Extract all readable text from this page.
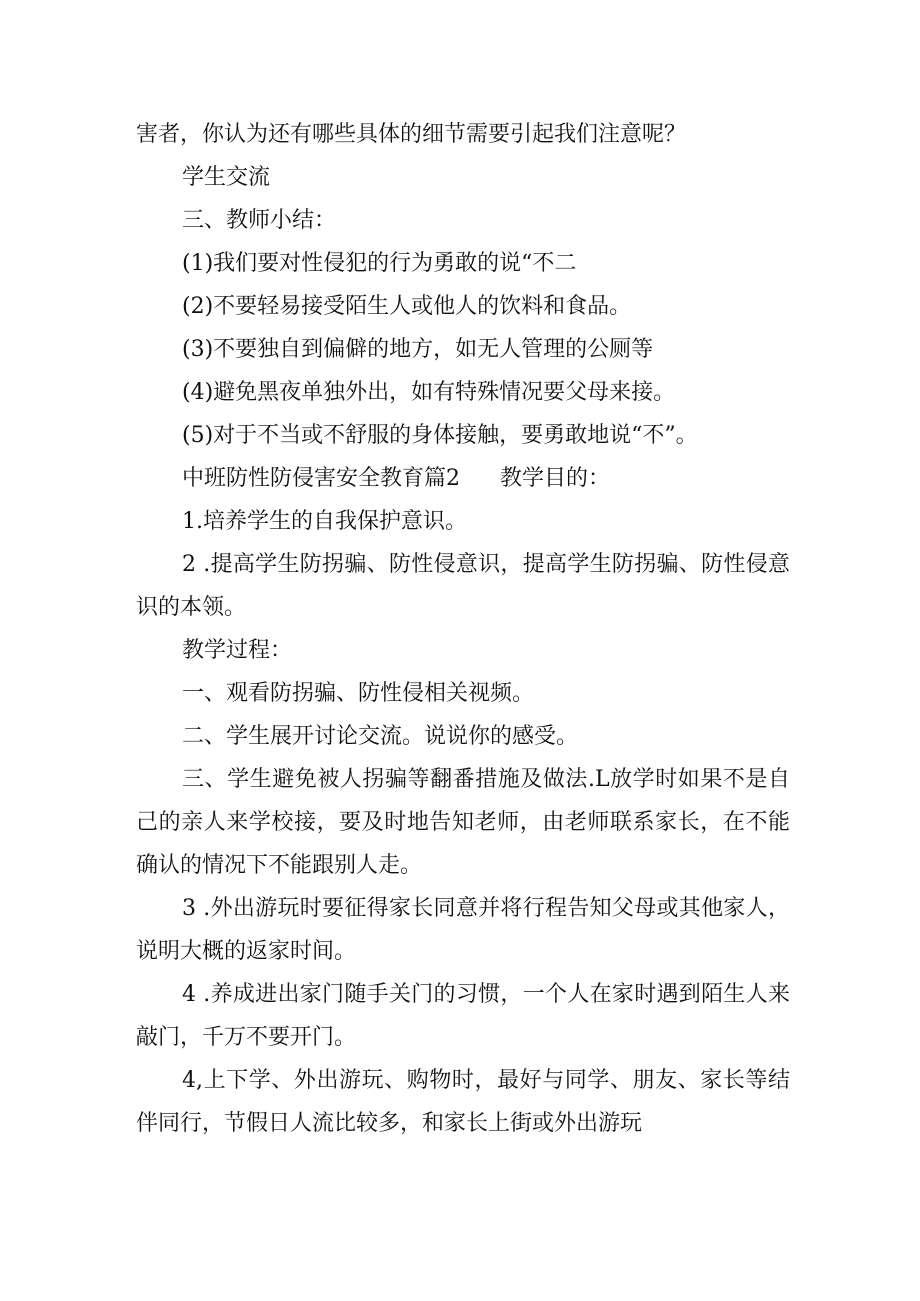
害者，你认为还有哪些具体的细节需要引起我们注意呢？

学生交流

三、教师小结：

(1)我们要对性侵犯的行为勇敢的说“不二

(2)不要轻易接受陌生人或他人的饮料和食品。

(3)不要独自到偏僻的地方，如无人管理的公厕等

(4)避免黑夜单独外出，如有特殊情况要父母来接。

(5)对于不当或不舒服的身体接触，要勇敢地说“不”。

中班防性防侵害安全教育篇2 教学目的：

1.培养学生的自我保护意识。

2 .提高学生防拐骗、防性侵意识，提高学生防拐骗、防性侵意识的本领。

教学过程：

一、观看防拐骗、防性侵相关视频。

二、学生展开讨论交流。说说你的感受。

三、学生避免被人拐骗等翻番措施及做法.L放学时如果不是自己的亲人来学校接，要及时地告知老师，由老师联系家长，在不能确认的情况下不能跟别人走。

3 .外出游玩时要征得家长同意并将行程告知父母或其他家人，说明大概的返家时间。

4 .养成进出家门随手关门的习惯，一个人在家时遇到陌生人来敲门，千万不要开门。

4,上下学、外出游玩、购物时，最好与同学、朋友、家长等结伴同行，节假日人流比较多，和家长上街或外出游玩
